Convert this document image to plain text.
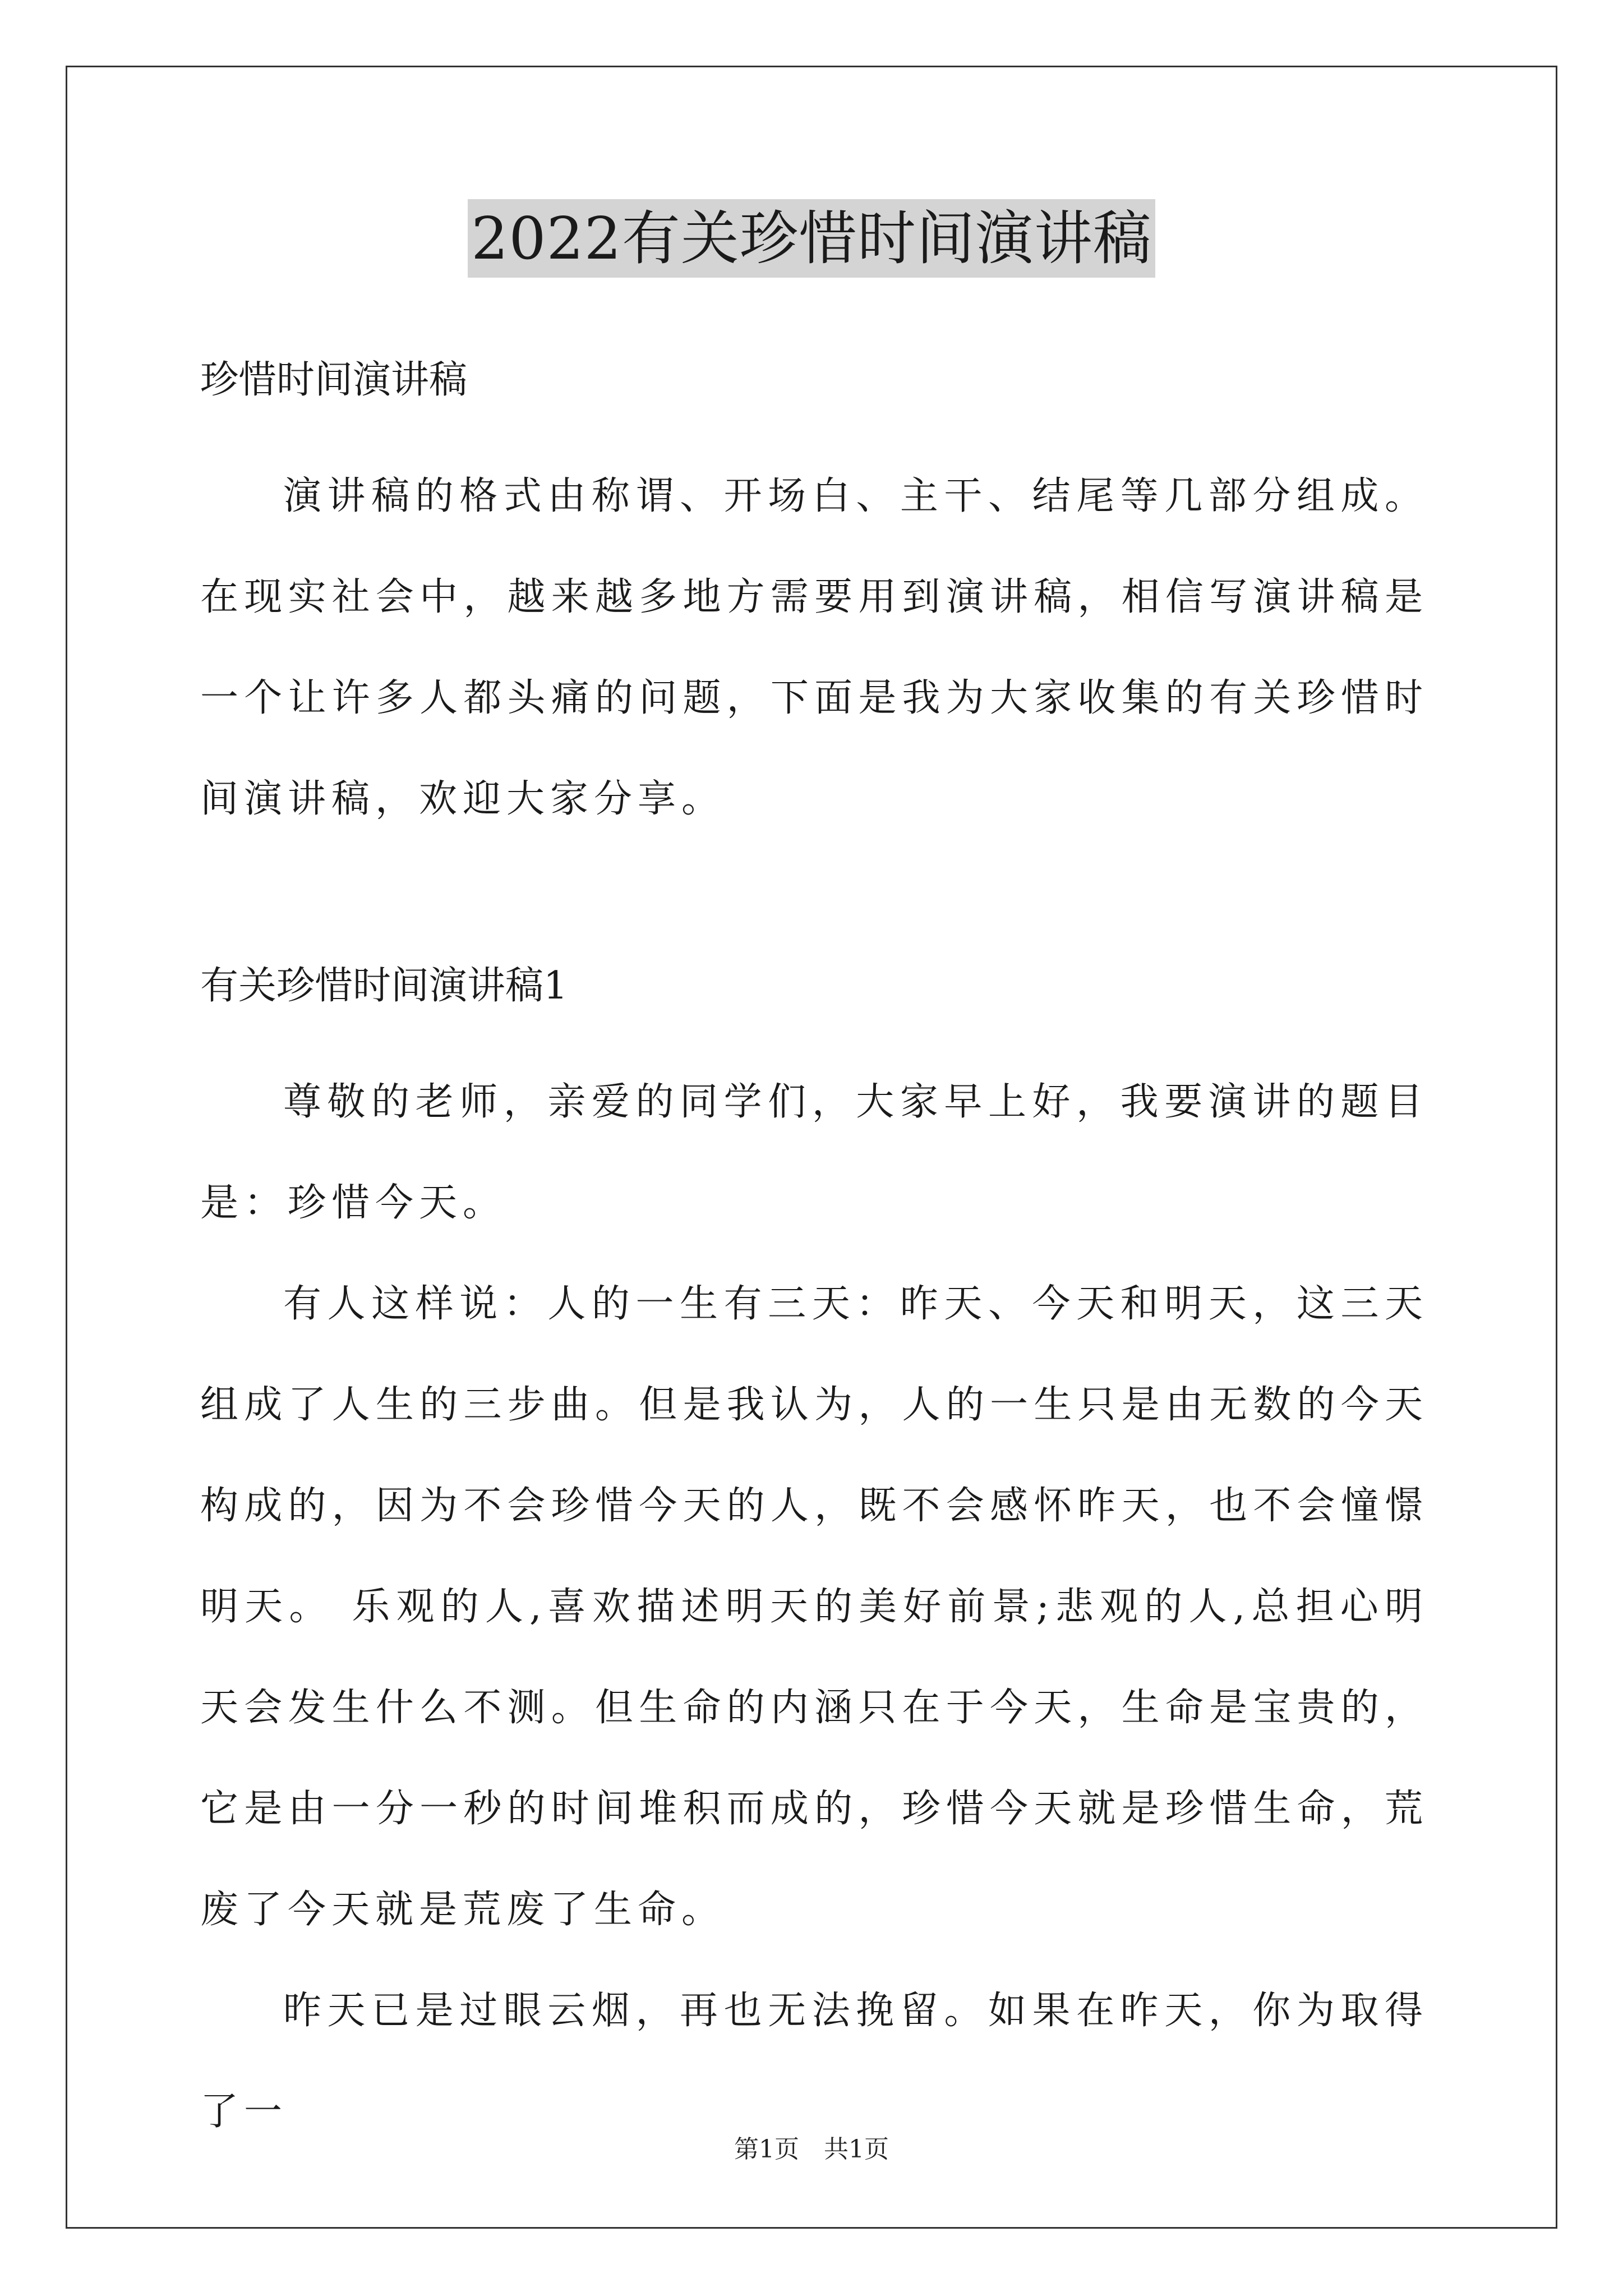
2022有关珍惜时间演讲稿

珍惜时间演讲稿

演讲稿的格式由称谓、开场白、主干、结尾等几部分组成。在现实社会中，越来越多地方需要用到演讲稿，相信写演讲稿是一个让许多人都头痛的问题，下面是我为大家收集的有关珍惜时间演讲稿，欢迎大家分享。

有关珍惜时间演讲稿1

尊敬的老师，亲爱的同学们，大家早上好，我要演讲的题目是：珍惜今天。

有人这样说：人的一生有三天：昨天、今天和明天，这三天组成了人生的三步曲。但是我认为，人的一生只是由无数的今天构成的，因为不会珍惜今天的人，既不会感怀昨天，也不会憧憬明天。 乐观的人,喜欢描述明天的美好前景;悲观的人,总担心明天会发生什么不测。但生命的内涵只在于今天，生命是宝贵的，它是由一分一秒的时间堆积而成的，珍惜今天就是珍惜生命，荒废了今天就是荒废了生命。

昨天已是过眼云烟，再也无法挽留。如果在昨天，你为取得了一

第1页　共1页
